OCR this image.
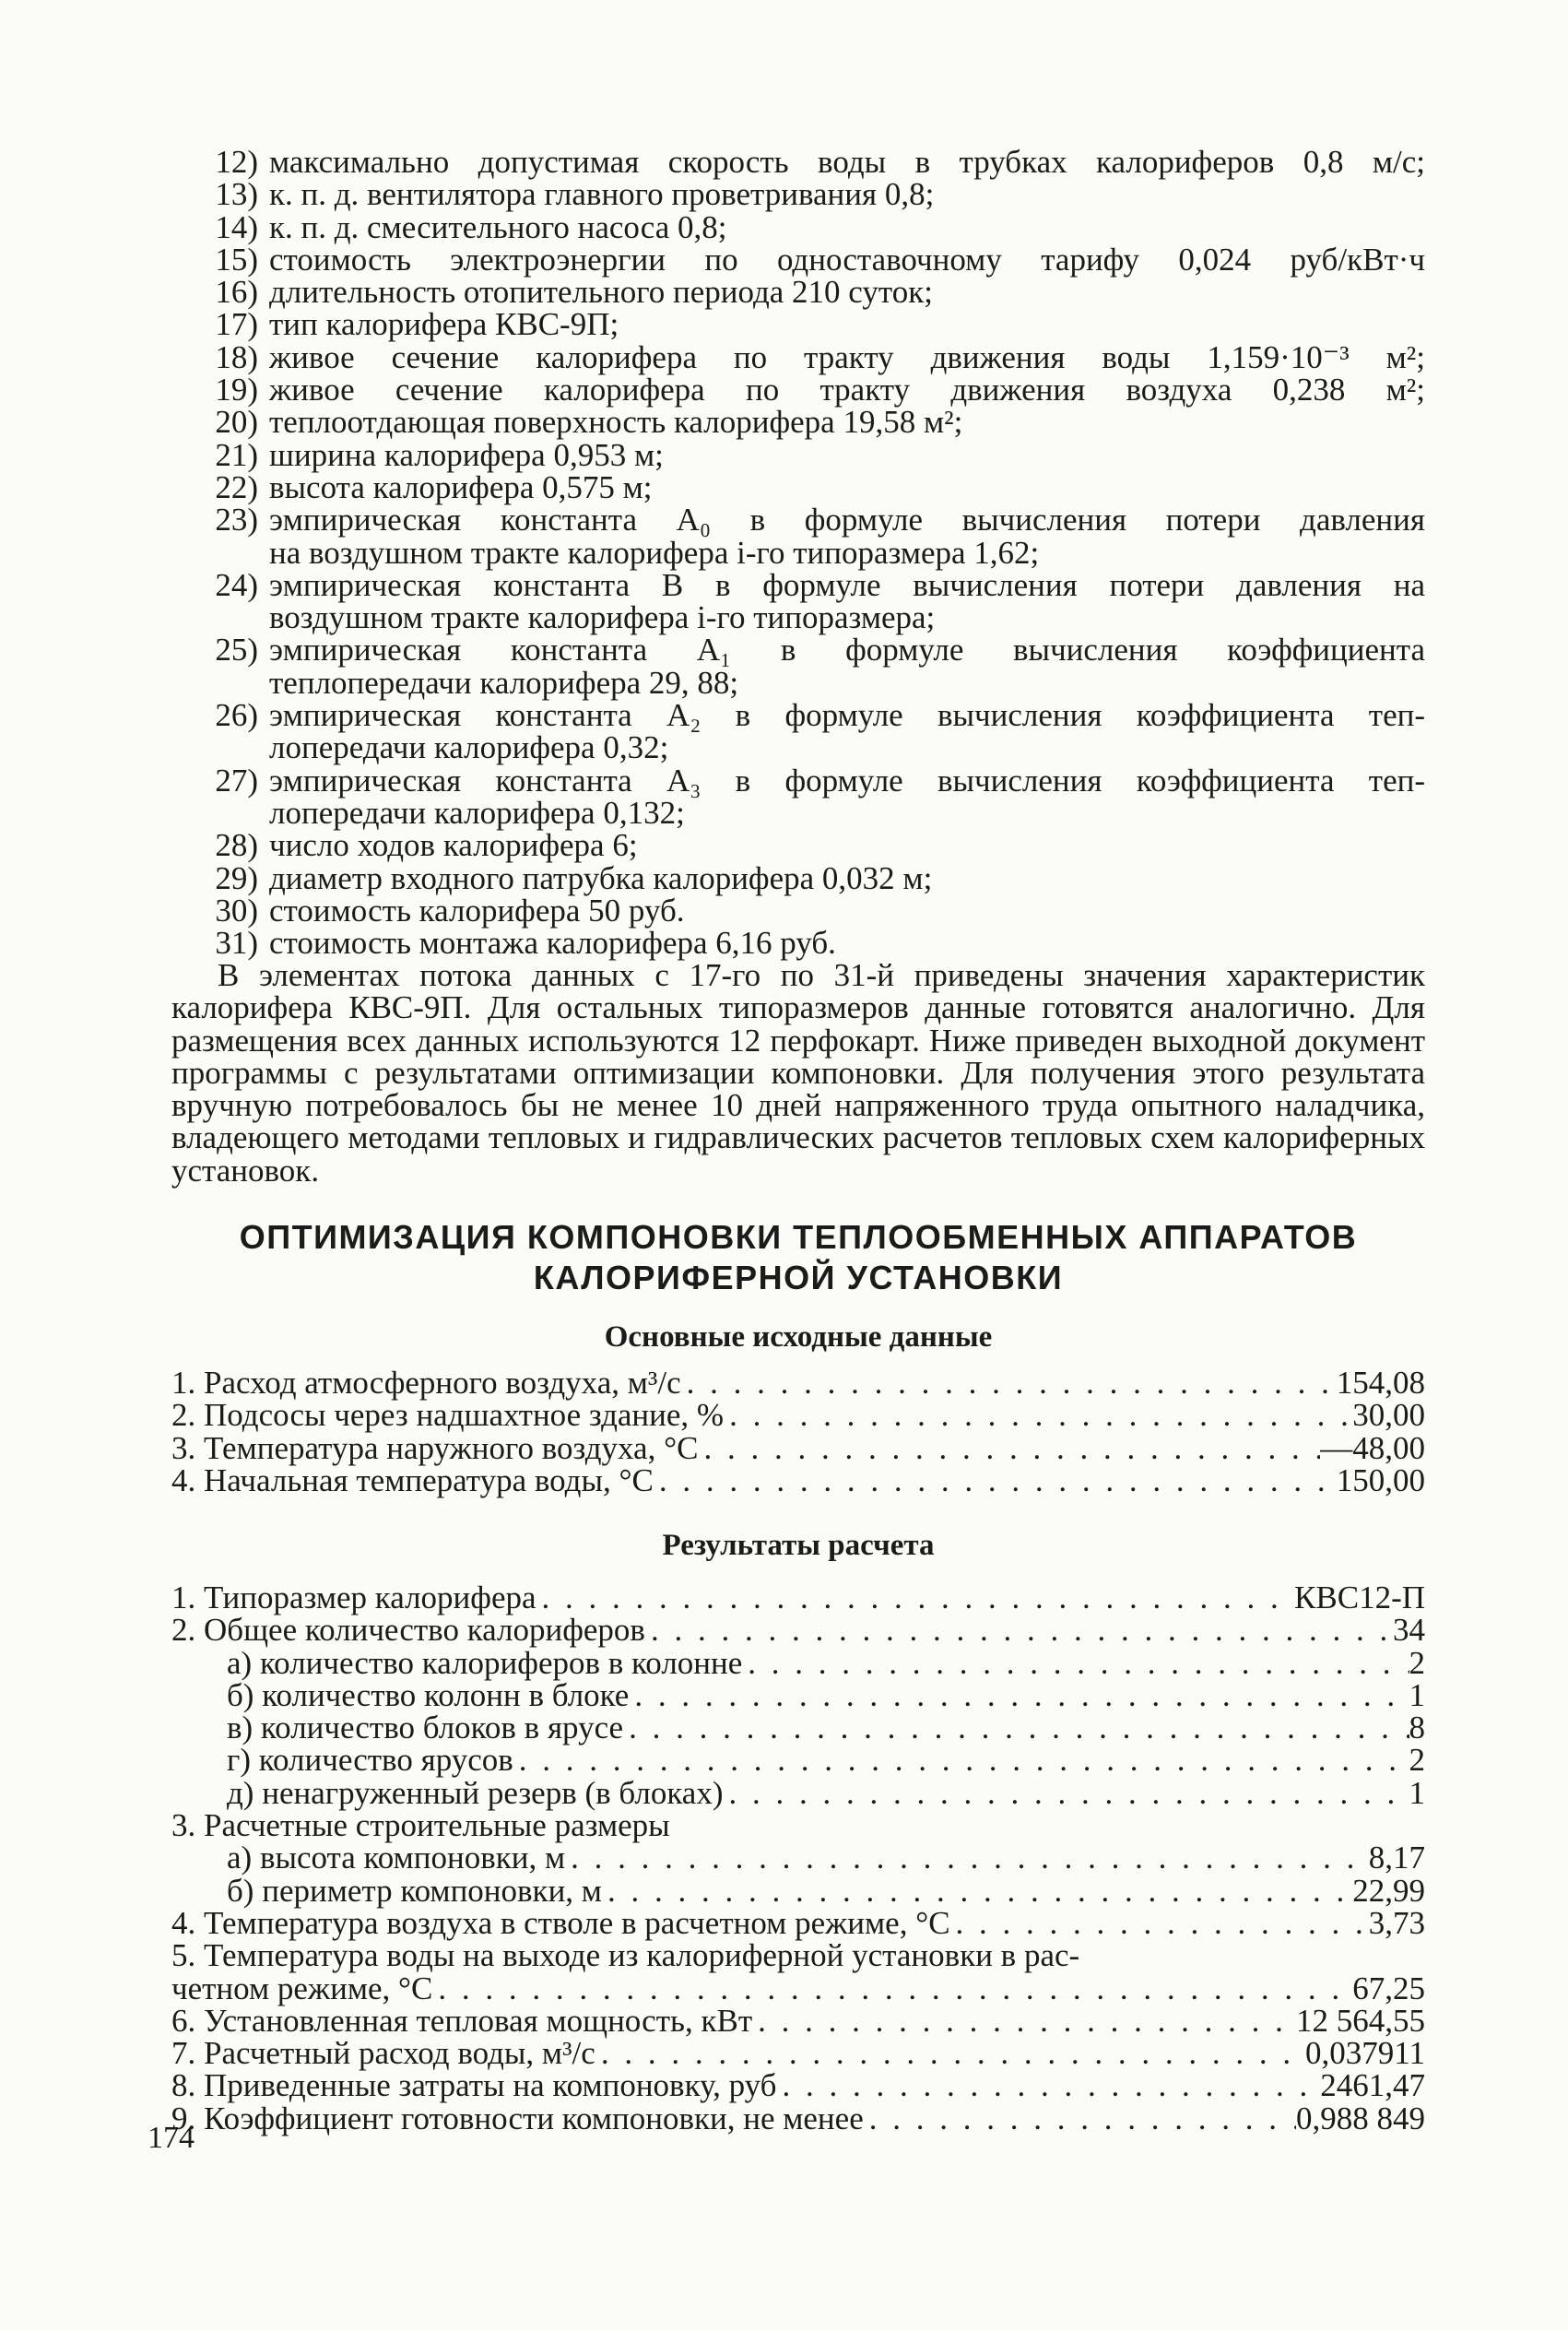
12) максимально допустимая скорость воды в трубках калориферов 0,8 м/с;
13) к. п. д. вентилятора главного проветривания 0,8;
14) к. п. д. смесительного насоса 0,8;
15) стоимость электроэнергии по одноставочному тарифу 0,024 руб/кВт·ч
16) длительность отопительного периода 210 суток;
17) тип калорифера КВС-9П;
18) живое сечение калорифера по тракту движения воды 1,159·10⁻³ м²;
19) живое сечение калорифера по тракту движения воздуха 0,238 м²;
20) теплоотдающая поверхность калорифера 19,58 м²;
21) ширина калорифера 0,953 м;
22) высота калорифера 0,575 м;
23) эмпирическая константа A₀ в формуле вычисления потери давления
на воздушном тракте калорифера i-го типоразмера 1,62;
24) эмпирическая константа B в формуле вычисления потери давления на
воздушном тракте калорифера i-го типоразмера;
25) эмпирическая константа A₁ в формуле вычисления коэффициента
теплопередачи калорифера 29, 88;
26) эмпирическая константа A₂ в формуле вычисления коэффициента теп-
лопередачи калорифера 0,32;
27) эмпирическая константа A₃ в формуле вычисления коэффициента теп-
лопередачи калорифера 0,132;
28) число ходов калорифера 6;
29) диаметр входного патрубка калорифера 0,032 м;
30) стоимость калорифера 50 руб.
31) стоимость монтажа калорифера 6,16 руб.
В элементах потока данных с 17-го по 31-й приведены значения характеристик калорифера КВС-9П. Для остальных типоразмеров данные готовятся аналогично. Для размещения всех данных используются 12 перфокарт. Ниже приведен выходной документ программы с результатами оптимизации компоновки. Для получения этого результата вручную потребовалось бы не менее 10 дней напряженного труда опытного наладчика, владеющего методами тепловых и гидравлических расчетов тепловых схем калориферных установок.
ОПТИМИЗАЦИЯ КОМПОНОВКИ ТЕПЛООБМЕННЫХ АППАРАТОВ
КАЛОРИФЕРНОЙ УСТАНОВКИ
Основные исходные данные
1. Расход атмосферного воздуха, м³/с . . .	154,08
2. Подсосы через надшахтное здание, % . . .	30,00
3. Температура наружного воздуха, °С . . .	—48,00
4. Начальная температура воды, °С . . .	150,00
Результаты расчета
1. Типоразмер калорифера . . .	КВС12-П
2. Общее количество калориферов . . .	34
а) количество калориферов в колонне . . .	2
б) количество колонн в блоке . . .	1
в) количество блоков в ярусе . . .	8
г) количество ярусов . . .	2
д) ненагруженный резерв (в блоках) . . .	1
3. Расчетные строительные размеры
а) высота компоновки, м . . .	8,17
б) периметр компоновки, м . . .	22,99
4. Температура воздуха в стволе в расчетном режиме, °С . . .	3,73
5. Температура воды на выходе из калориферной установки в рас-
четном режиме, °С . . .	67,25
6. Установленная тепловая мощность, кВт . . .	12 564,55
7. Расчетный расход воды, м³/с . . .	0,037911
8. Приведенные затраты на компоновку, руб . . .	2461,47
9. Коэффициент готовности компоновки, не менее . . .	0,988 849
174
